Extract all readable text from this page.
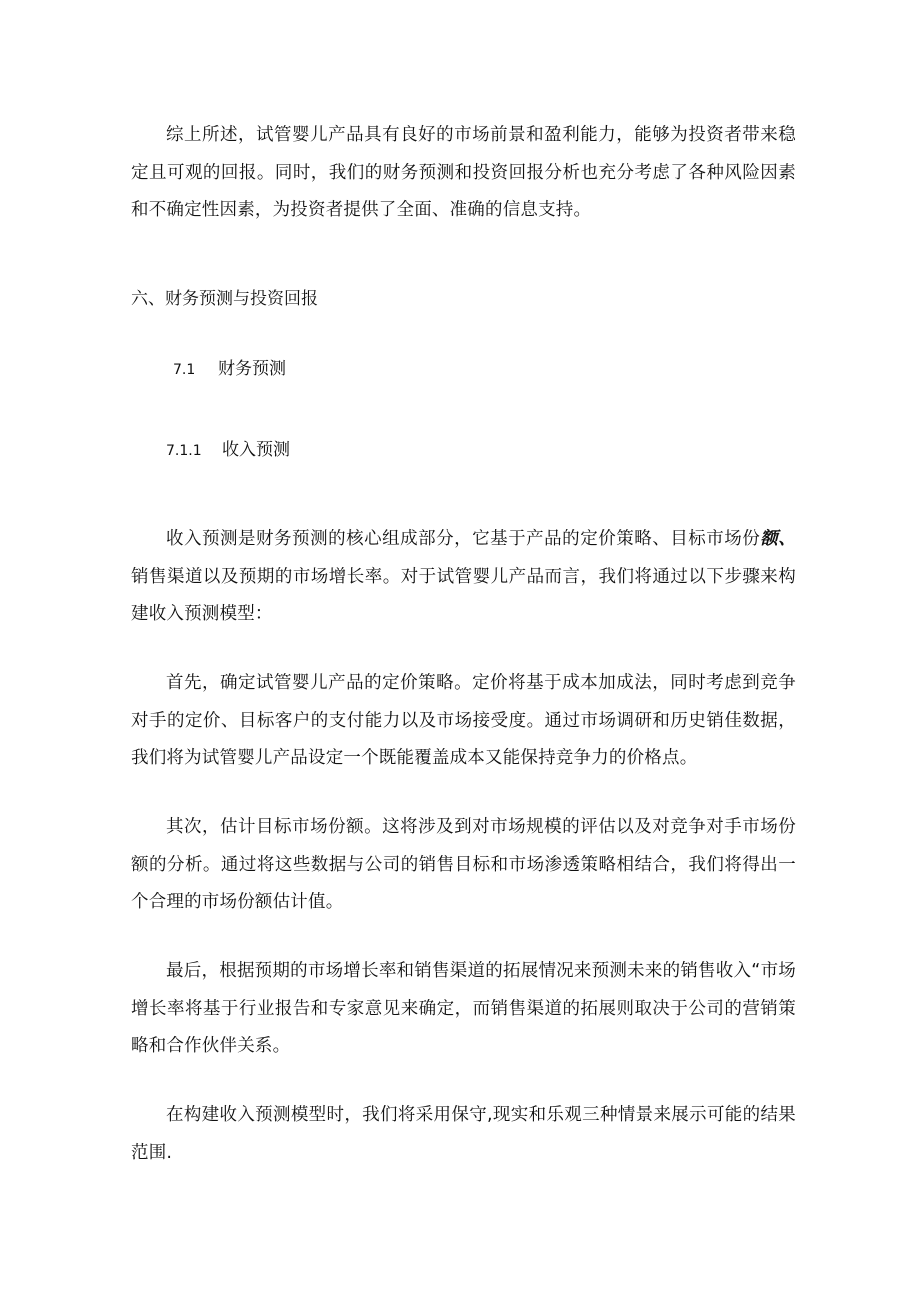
综上所述，试管婴儿产品具有良好的市场前景和盈利能力，能够为投资者带来稳定且可观的回报。同时，我们的财务预测和投资回报分析也充分考虑了各种风险因素和不确定性因素，为投资者提供了全面、准确的信息支持。

六、财务预测与投资回报
7.1 财务预测
7.1.1 收入预测

收入预测是财务预测的核心组成部分，它基于产品的定价策略、目标市场份额、销售渠道以及预期的市场增长率。对于试管婴儿产品而言，我们将通过以下步骤来构建收入预测模型：

首先，确定试管婴儿产品的定价策略。定价将基于成本加成法，同时考虑到竞争对手的定价、目标客户的支付能力以及市场接受度。通过市场调研和历史销佳数据，我们将为试管婴儿产品设定一个既能覆盖成本又能保持竞争力的价格点。

其次，估计目标市场份额。这将涉及到对市场规模的评估以及对竞争对手市场份额的分析。通过将这些数据与公司的销售目标和市场渗透策略相结合，我们将得出一个合理的市场份额估计值。

最后，根据预期的市场增长率和销售渠道的拓展情况来预测未来的销售收入“市场增长率将基于行业报告和专家意见来确定，而销售渠道的拓展则取决于公司的营销策略和合作伙伴关系。

在构建收入预测模型时，我们将采用保守,现实和乐观三种情景来展示可能的结果范围.
